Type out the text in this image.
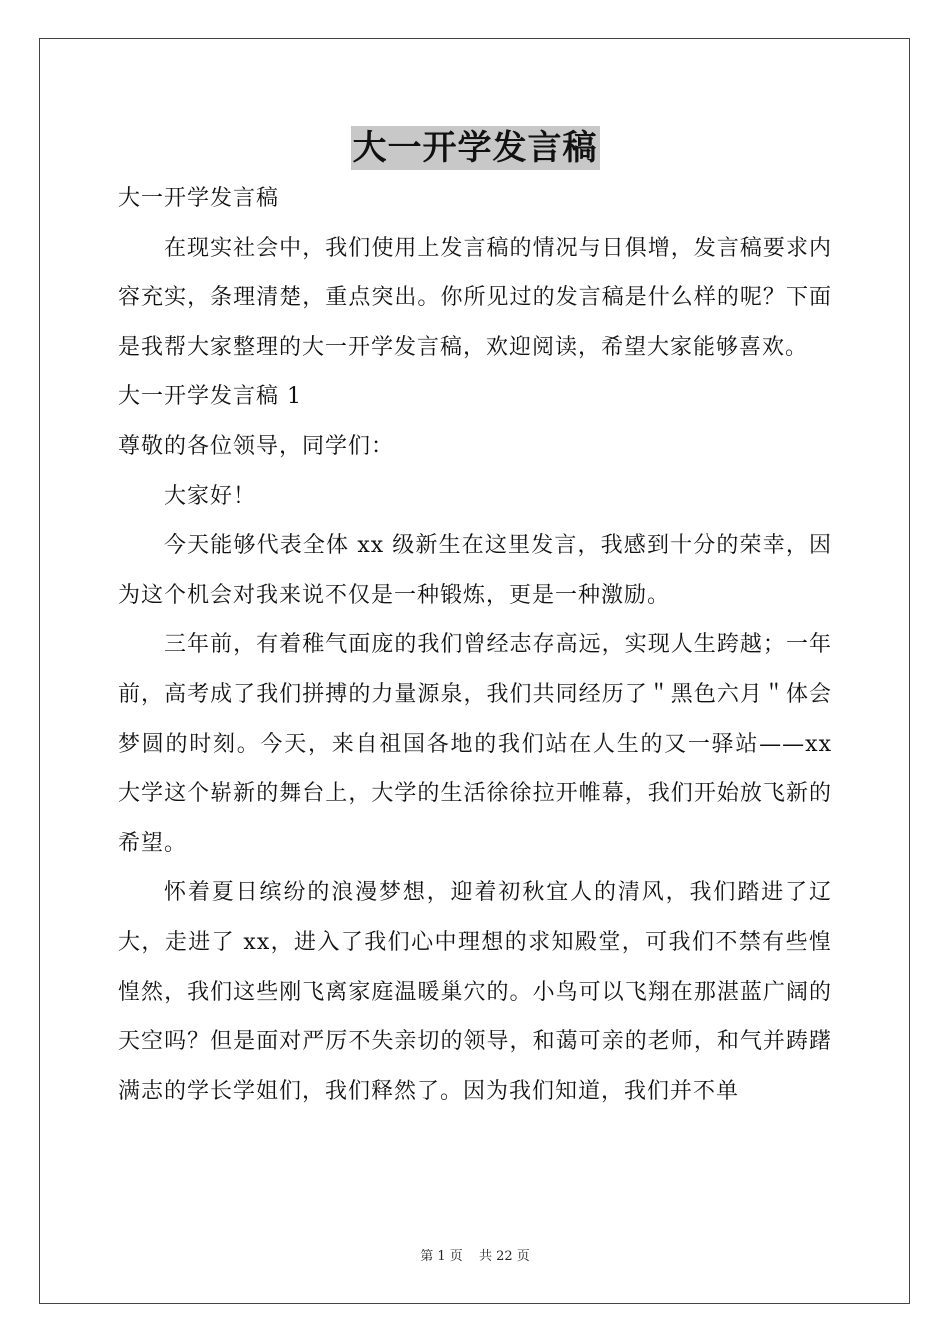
大一开学发言稿

大一开学发言稿

在现实社会中，我们使用上发言稿的情况与日俱增，发言稿要求内容充实，条理清楚，重点突出。你所见过的发言稿是什么样的呢？下面是我帮大家整理的大一开学发言稿，欢迎阅读，希望大家能够喜欢。

大一开学发言稿 1

尊敬的各位领导，同学们：

大家好！

今天能够代表全体 xx 级新生在这里发言，我感到十分的荣幸，因为这个机会对我来说不仅是一种锻炼，更是一种激励。

三年前，有着稚气面庞的我们曾经志存高远，实现人生跨越；一年前，高考成了我们拼搏的力量源泉，我们共同经历了＂黑色六月＂体会梦圆的时刻。今天，来自祖国各地的我们站在人生的又一驿站——xx 大学这个崭新的舞台上，大学的生活徐徐拉开帷幕，我们开始放飞新的希望。

怀着夏日缤纷的浪漫梦想，迎着初秋宜人的清风，我们踏进了辽大，走进了 xx，进入了我们心中理想的求知殿堂，可我们不禁有些惶惶然，我们这些刚飞离家庭温暖巢穴的。小鸟可以飞翔在那湛蓝广阔的天空吗？但是面对严厉不失亲切的领导，和蔼可亲的老师，和气并踌躇满志的学长学姐们，我们释然了。因为我们知道，我们并不单

第 1 页 共 22 页
